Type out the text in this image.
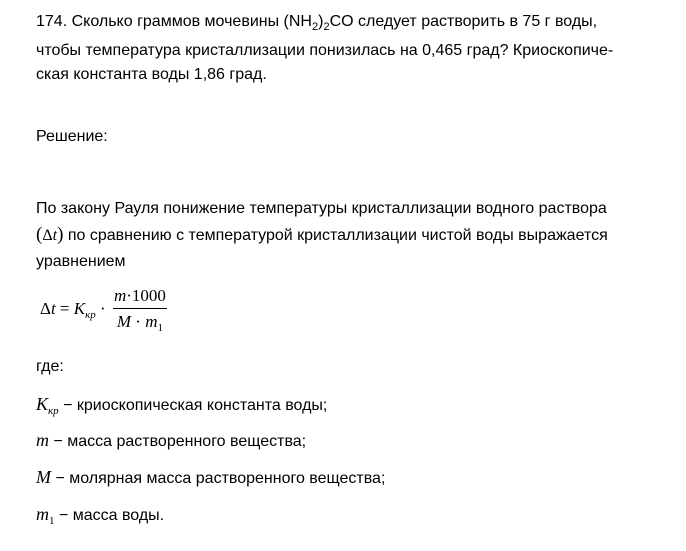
174. Сколько граммов мочевины $(NH_2)_2CO$ следует растворить в 75 г воды,
чтобы температура кристаллизации понизилась на 0,465 град? Криоскопиче-
ская константа воды 1,86 град.
Решение:
По закону Рауля понижение температуры кристаллизации водного раствора
(Δt) по сравнению с температурой кристаллизации чистой воды выражается
уравнением
$\Delta t = K_{кр} \cdot \frac{m\cdot 1000}{M \cdot m_1}$
где:
$K_{кр}$ − криоскопическая константа воды;
m − масса растворенного вещества;
M − молярная масса растворенного вещества;
$m_1$ − масса воды.
